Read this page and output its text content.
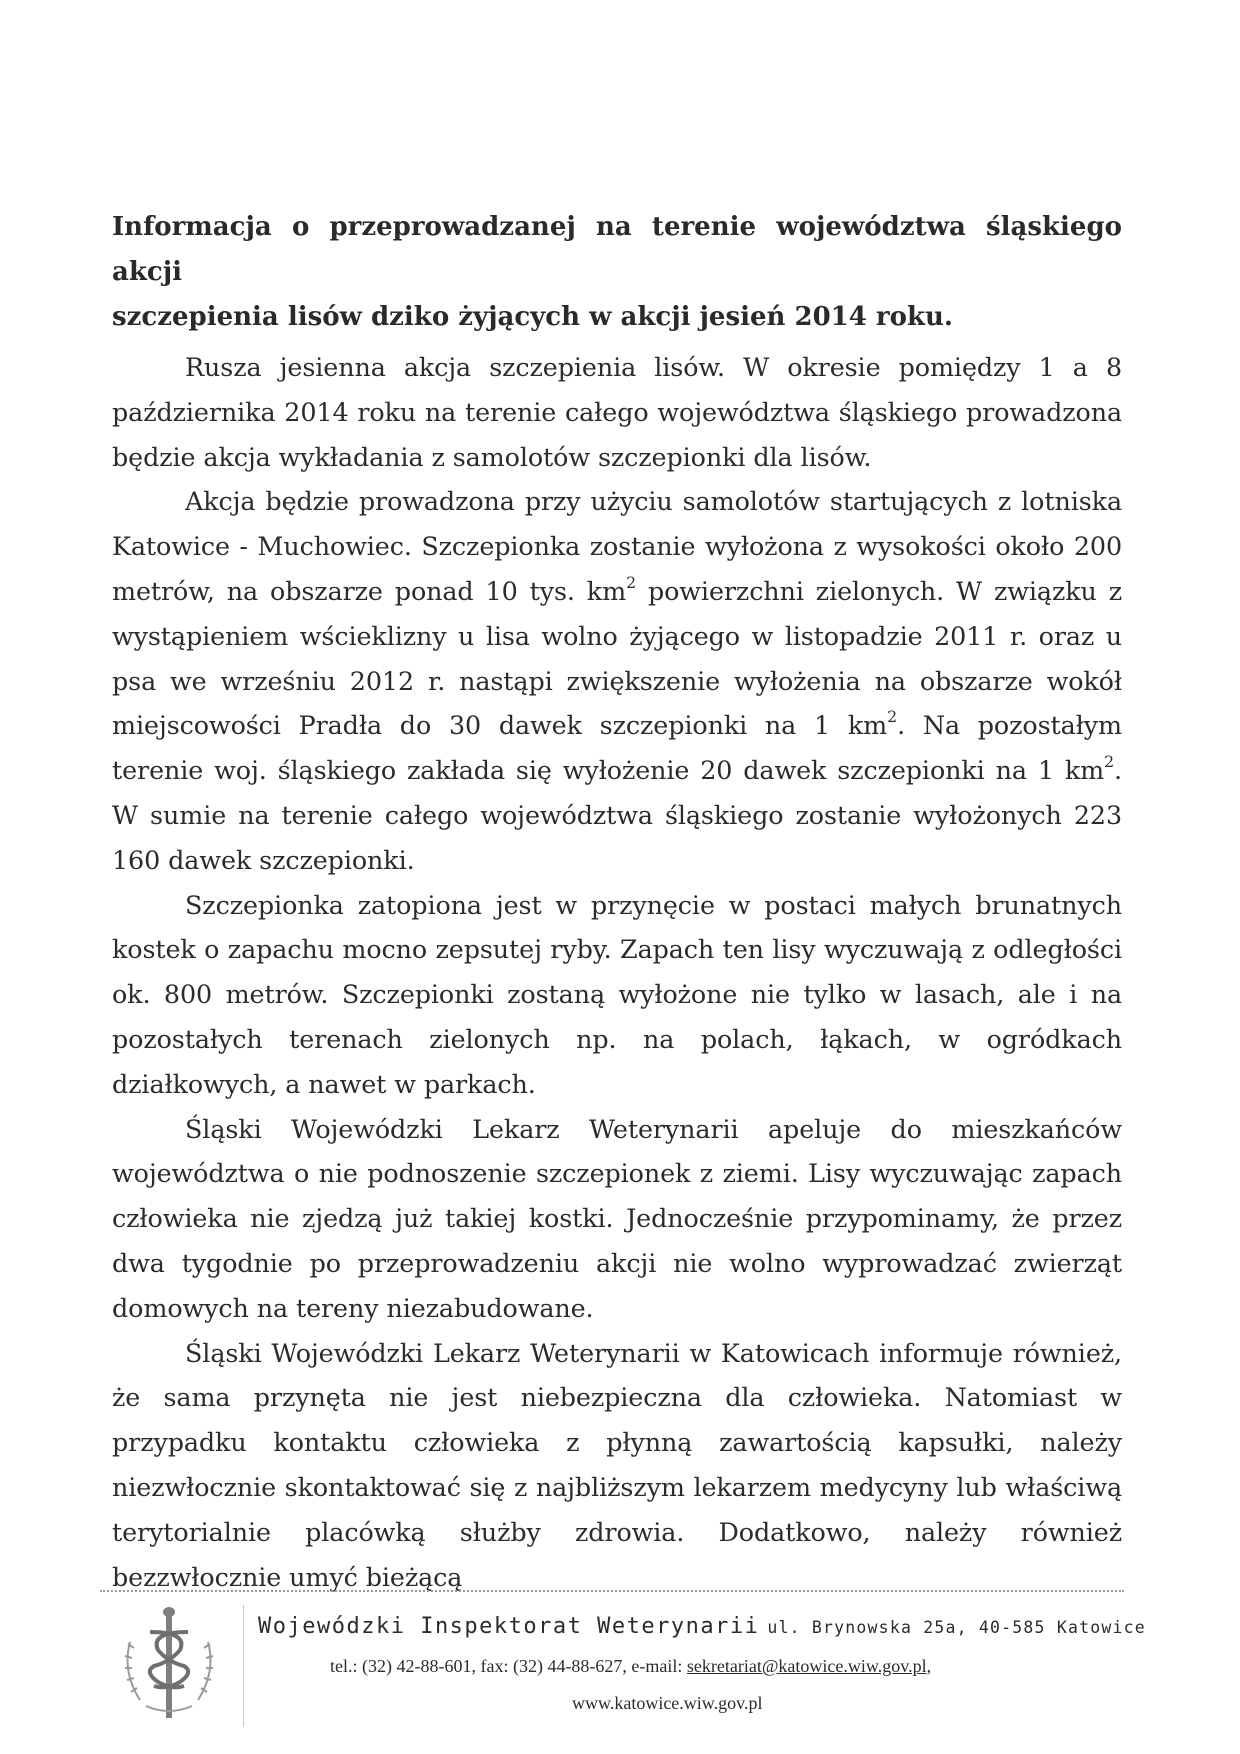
Informacja o przeprowadzanej na terenie województwa śląskiego akcji
szczepienia lisów dziko żyjących w akcji jesień 2014 roku.

Rusza jesienna akcja szczepienia lisów. W okresie pomiędzy 1 a 8 października 2014 roku na terenie całego województwa śląskiego prowadzona będzie akcja wykładania z samolotów szczepionki dla lisów.

Akcja będzie prowadzona przy użyciu samolotów startujących z lotniska Katowice - Muchowiec. Szczepionka zostanie wyłożona z wysokości około 200 metrów, na obszarze ponad 10 tys. $km^2$ powierzchni zielonych. W związku z wystąpieniem wścieklizny u lisa wolno żyjącego w listopadzie 2011 r. oraz u psa we wrześniu 2012 r. nastąpi zwiększenie wyłożenia na obszarze wokół miejscowości Pradła do 30 dawek szczepionki na 1 $km^2$. Na pozostałym terenie woj. śląskiego zakłada się wyłożenie 20 dawek szczepionki na 1 $km^2$. W sumie na terenie całego województwa śląskiego zostanie wyłożonych 223 160 dawek szczepionki.

Szczepionka zatopiona jest w przynęcie w postaci małych brunatnych kostek o zapachu mocno zepsutej ryby. Zapach ten lisy wyczuwają z odległości ok. 800 metrów. Szczepionki zostaną wyłożone nie tylko w lasach, ale i na pozostałych terenach zielonych np. na polach, łąkach, w ogródkach działkowych, a nawet w parkach.

Śląski Wojewódzki Lekarz Weterynarii apeluje do mieszkańców województwa o nie podnoszenie szczepionek z ziemi. Lisy wyczuwając zapach człowieka nie zjedzą już takiej kostki. Jednocześnie przypominamy, że przez dwa tygodnie po przeprowadzeniu akcji nie wolno wyprowadzać zwierząt domowych na tereny niezabudowane.

Śląski Wojewódzki Lekarz Weterynarii w Katowicach informuje również, że sama przynęta nie jest niebezpieczna dla człowieka. Natomiast w przypadku kontaktu człowieka z płynną zawartością kapsułki, należy niezwłocznie skontaktować się z najbliższym lekarzem medycyny lub właściwą terytorialnie placówką służby zdrowia. Dodatkowo, należy również bezzwłocznie umyć bieżącą

Wojewódzki Inspektorat Weterynarii ul. Brynowska 25a, 40-585 Katowice
tel.: (32) 42-88-601, fax: (32) 44-88-627, e-mail: sekretariat@katowice.wiw.gov.pl,
www.katowice.wiw.gov.pl
